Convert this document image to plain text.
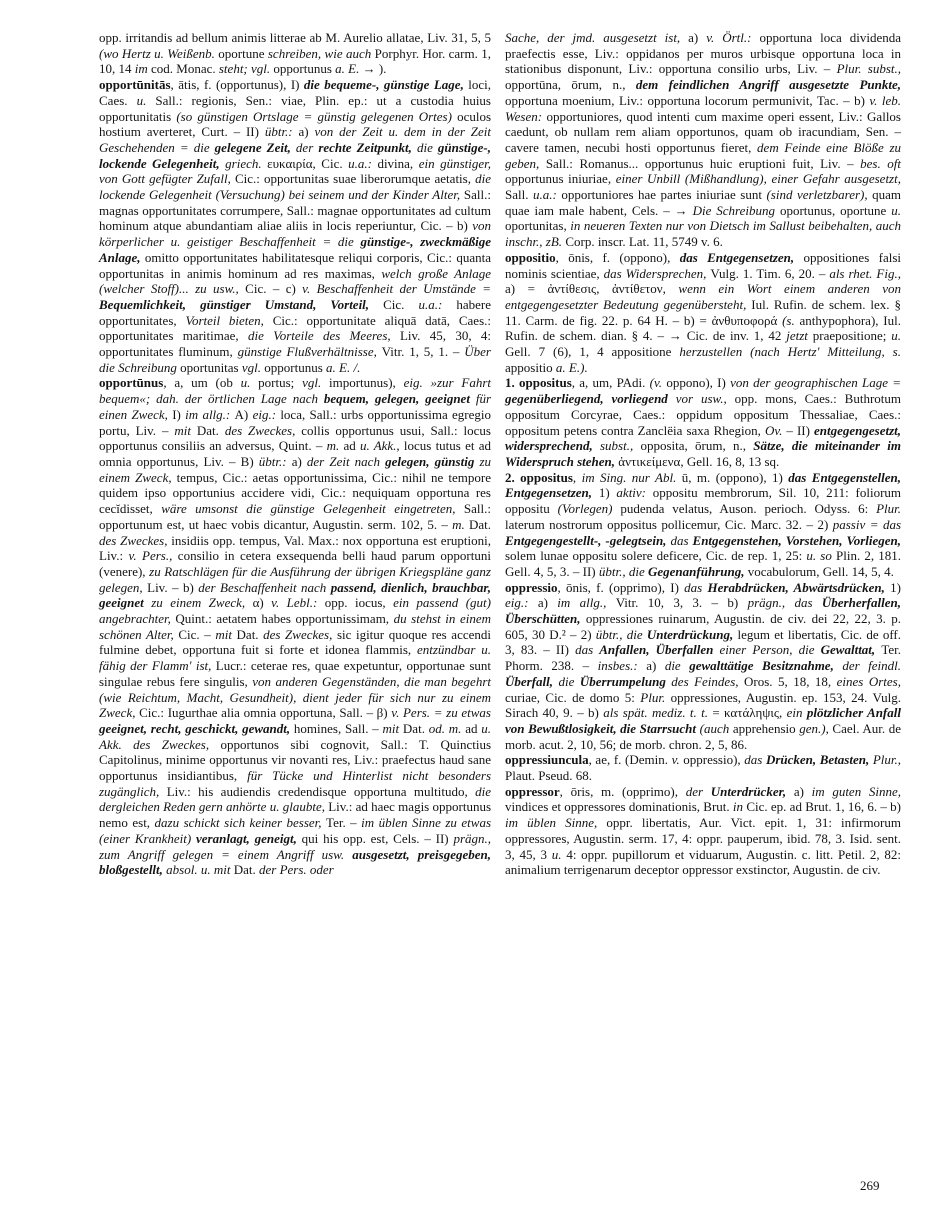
opp. irritandis ad bellum animis litterae ab M. Aurelio allatae, Liv. 31, 5, 5 (wo Hertz u. Weißenb. oportune schreiben, wie auch Porphyr. Hor. carm. 1, 10, 14 im cod. Monac. steht; vgl. opportunus a. E. → ).

opportūnitās, ātis, f. (opportunus), I) die bequeme-, günstige Lage, loci, Caes. u. Sall.: regionis, Sen.: viae, Plin. ep.: ut a custodia huius opportunitatis (so günstigen Ortslage = günstig gelegenen Ortes) oculos hostium averteret, Curt. – II) übtr.: a) von der Zeit u. dem in der Zeit Geschehenden = die gelegene Zeit, der rechte Zeitpunkt, die günstige-, lockende Gelegenheit, griech. ευκαιρία, Cic. u.a.: divina, ein günstiger, von Gott gefügter Zufall, Cic.: opportunitas suae liberorumque aetatis, die lockende Gelegenheit (Versuchung) bei seinem und der Kinder Alter, Sall.: magnas opportunitates corrumpere, Sall.: magnae opportunitates ad cultum hominum atque abundantiam aliae aliis in locis reperiuntur, Cic. – b) von körperlicher u. geistiger Beschaffenheit = die günstige-, zweckmäßige Anlage, omitto opportunitates habilitatesque reliqui corporis, Cic.: quanta opportunitas in animis hominum ad res maximas, welch große Anlage (welcher Stoff)... zu usw., Cic. – c) v. Beschaffenheit der Umstände = Bequemlichkeit, günstiger Umstand, Vorteil, Cic. u.a.: habere opportunitates, Vorteil bieten, Cic.: opportunitate aliquā datā, Caes.: opportunitates maritimae, die Vorteile des Meeres, Liv. 45, 30, 4: opportunitates fluminum, günstige Flußverhältnisse, Vitr. 1, 5, 1. – Über die Schreibung oportunitas vgl. opportunus a. E. /.

opportūnus, a, um (ob u. portus; vgl. importunus), eig. »zur Fahrt bequem«; dah. der örtlichen Lage nach bequem, gelegen, geeignet für einen Zweck, I) im allg.: A) eig.: loca, Sall.: urbs opportunissima egregio portu, Liv. – mit Dat. des Zweckes, collis opportunus usui, Sall.: locus opportunus consiliis an adversus, Quint. – m. ad u. Akk., locus tutus et ad omnia opportunus, Liv. – B) übtr.: a) der Zeit nach gelegen, günstig zu einem Zweck, tempus, Cic.: aetas opportunissima, Cic.: nihil ne tempore quidem ipso opportunius accidere vidi, Cic.: nequiquam opportuna res cecĭdisset, wäre umsonst die günstige Gelegenheit eingetreten, Sall.: opportunum est, ut haec vobis dicantur, Augustin. serm. 102, 5. – m. Dat. des Zweckes, insidiis opp. tempus, Val. Max.: nox opportuna est eruptioni, Liv.: v. Pers., consilio in cetera exsequenda belli haud parum opportuni (venere), zu Ratschlägen für die Ausführung der übrigen Kriegspläne ganz gelegen, Liv. – b) der Beschaffenheit nach passend, dienlich, brauchbar, geeignet zu einem Zweck, α) v. Lebl.: opp. iocus, ein passend (gut) angebrachter, Quint.: aetatem habes opportunissimam, du stehst in einem schönen Alter, Cic. – mit Dat. des Zweckes, sic igitur quoque res accendi fulmine debet, opportuna fuit si forte et idonea flammis, entzündbar u. fähig der Flamm' ist, Lucr.: ceterae res, quae expetuntur, opportunae sunt singulae rebus fere singulis, von anderen Gegenständen, die man begehrt (wie Reichtum, Macht, Gesundheit), dient jeder für sich nur zu einem Zweck, Cic.: Iugurthae alia omnia opportuna, Sall. – β) v. Pers. = zu etwas geeignet, recht, geschickt, gewandt, homines, Sall. – mit Dat. od. m. ad u. Akk. des Zweckes, opportunos sibi cognovit, Sall.: T. Quinctius Capitolinus, minime opportunus vir novanti res, Liv.: praefectus haud sane opportunus insidiantibus, für Tücke und Hinterlist nicht besonders zugänglich, Liv.: his audiendis credendisque opportuna multitudo, die dergleichen Reden gern anhörte u. glaubte, Liv.: ad haec magis opportunus nemo est, dazu schickt sich keiner besser, Ter. – im üblen Sinne zu etwas (einer Krankheit) veranlagt, geneigt, qui his opp. est, Cels. – II) prägn., zum Angriff gelegen = einem Angriff usw. ausgesetzt, preisgegeben, bloßgestellt, absol. u. mit Dat. der Pers. oder

Sache, der jmd. ausgesetzt ist, a) v. Örtl.: opportuna loca dividenda praefectis esse, Liv.: oppidanos per muros urbisque opportuna loca in stationibus disponunt, Liv.: opportuna consilio urbs, Liv. – Plur. subst., opportūna, ōrum, n., dem feindlichen Angriff ausgesetzte Punkte, opportuna moenium, Liv.: opportuna locorum permunivit, Tac. – b) v. leb. Wesen: opportuniores, quod intenti cum maxime operi essent, Liv.: Gallos caedunt, ob nullam rem aliam opportunos, quam ob iracundiam, Sen. – cavere tamen, necubi hosti opportunus fieret, dem Feinde eine Blöße zu geben, Sall.: Romanus... opportunus huic eruptioni fuit, Liv. – bes. oft opportunus iniuriae, einer Unbill (Mißhandlung), einer Gefahr ausgesetzt, Sall. u.a.: opportuniores hae partes iniuriae sunt (sind verletzbarer), quam quae iam male habent, Cels. – → Die Schreibung oportunus, oportune u. oportunitas, in neueren Texten nur von Dietsch im Sallust beibehalten, auch inschr., zB. Corp. inscr. Lat. 11, 5749 v. 6.

oppositio, ōnis, f. (oppono), das Entgegensetzen, oppositiones falsi nominis scientiae, das Widersprechen, Vulg. 1. Tim. 6, 20. – als rhet. Fig., a) = ἀντίθεσις, ἀντίθετον, wenn ein Wort einem anderen von entgegengesetzter Bedeutung gegenübersteht, Iul. Rufin. de schem. lex. § 11. Carm. de fig. 22. p. 64 H. – b) = ἀνθυποφορά (s. anthypophora), Iul. Rufin. de schem. dian. § 4. – → Cic. de inv. 1, 42 jetzt praepositione; u. Gell. 7 (6), 1, 4 appositione herzustellen (nach Hertz' Mitteilung, s. appositio a. E.).

1. oppositus, a, um, PAdi. (v. oppono), I) von der geographischen Lage = gegenüberliegend, vorliegend vor usw., opp. mons, Caes.: Buthrotum oppositum Corcyrae, Caes.: oppidum oppositum Thessaliae, Caes.: oppositum petens contra Zanclëia saxa Rhegion, Ov. – II) entgegengesetzt, widersprechend, subst., opposita, ōrum, n., Sätze, die miteinander im Widerspruch stehen, ἀντικείμενα, Gell. 16, 8, 13 sq.

2. oppositus, im Sing. nur Abl. ū, m. (oppono), 1) das Entgegenstellen, Entgegensetzen, 1) aktiv: oppositu membrorum, Sil. 10, 211: foliorum oppositu (Vorlegen) pudenda velatus, Auson. perioch. Odyss. 6: Plur. laterum nostrorum oppositus pollicemur, Cic. Marc. 32. – 2) passiv = das Entgegengestellt-, -gelegtsein, das Entgegenstehen, Vorstehen, Vorliegen, solem lunae oppositu solere deficere, Cic. de rep. 1, 25: u. so Plin. 2, 181. Gell. 4, 5, 3. – II) übtr., die Gegenanführung, vocabulorum, Gell. 14, 5, 4.

oppressio, ōnis, f. (opprimo), I) das Herabdrücken, Abwärtsdrücken, 1) eig.: a) im allg., Vitr. 10, 3, 3. – b) prägn., das Überherfallen, Überschütten, oppressiones ruinarum, Augustin. de civ. dei 22, 22, 3. p. 605, 30 D.² – 2) übtr., die Unterdrückung, legum et libertatis, Cic. de off. 3, 83. – II) das Anfallen, Überfallen einer Person, die Gewalttat, Ter. Phorm. 238. – insbes.: a) die gewalttätige Besitznahme, der feindl. Überfall, die Überrumpelung des Feindes, Oros. 5, 18, 18, eines Ortes, curiae, Cic. de domo 5: Plur. oppressiones, Augustin. ep. 153, 24. Vulg. Sirach 40, 9. – b) als spät. mediz. t. t. = κατάληψις, ein plötzlicher Anfall von Bewußtlosigkeit, die Starrsucht (auch apprehensio gen.), Cael. Aur. de morb. acut. 2, 10, 56; de morb. chron. 2, 5, 86.

oppressiuncula, ae, f. (Demin. v. oppressio), das Drücken, Betasten, Plur., Plaut. Pseud. 68.

oppressor, ōris, m. (opprimo), der Unterdrücker, a) im guten Sinne, vindices et oppressores dominationis, Brut. in Cic. ep. ad Brut. 1, 16, 6. – b) im üblen Sinne, oppr. libertatis, Aur. Vict. epit. 1, 31: infirmorum oppressores, Augustin. serm. 17, 4: oppr. pauperum, ibid. 78, 3. Isid. sent. 3, 45, 3 u. 4: oppr. pupillorum et viduarum, Augustin. c. litt. Petil. 2, 82: animalium terrigenarum deceptor oppressor exstinctor, Augustin. de civ.

269
